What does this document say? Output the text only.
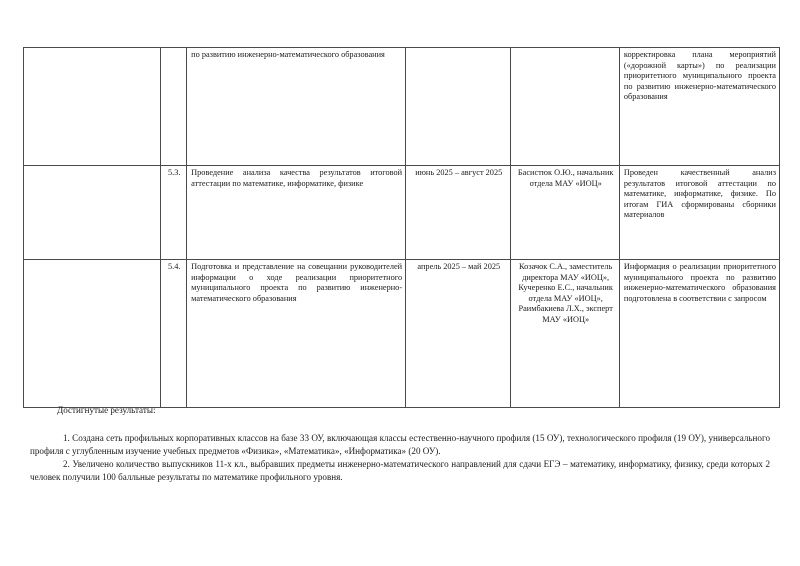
		по развитию инженерно-математического образования			корректировка плана мероприятий («дорожной карты») по реализации приоритетного муниципального проекта по развитию инженерно-математического образования

	5.3.	Проведение анализа качества результатов итоговой аттестации по математике, информатике, физике	июнь 2025 – август 2025	Басистюк О.Ю., начальник отдела МАУ «ИОЦ»	Проведен качественный анализ результатов итоговой аттестации по математике, информатике, физике. По итогам ГИА сформированы сборники материалов

	5.4.	Подготовка и представление на совещании руководителей информации о ходе реализации приоритетного муниципального проекта по развитию инженерно-математического образования	апрель 2025 – май 2025	Козачок С.А., заместитель директора МАУ «ИОЦ», Кучеренко Е.С., начальник отдела МАУ «ИОЦ», Раимбакиева Л.Х., эксперт МАУ «ИОЦ»	Информация о реализации приоритетного муниципального проекта по развитию инженерно-математического образования подготовлена в соответствии с запросом

Достигнутые результаты:

1. Создана сеть профильных корпоративных классов на базе 33 ОУ, включающая классы естественно-научного профиля (15 ОУ), технологического профиля (19 ОУ), универсального профиля с углубленным изучение учебных предметов «Физика», «Математика», «Информатика» (20 ОУ).

2. Увеличено количество выпускников 11-х кл., выбравших предметы инженерно-математического направлений для сдачи ЕГЭ – математику, информатику, физику, среди которых 2 человек получили 100 балльные результаты по математике профильного уровня.
